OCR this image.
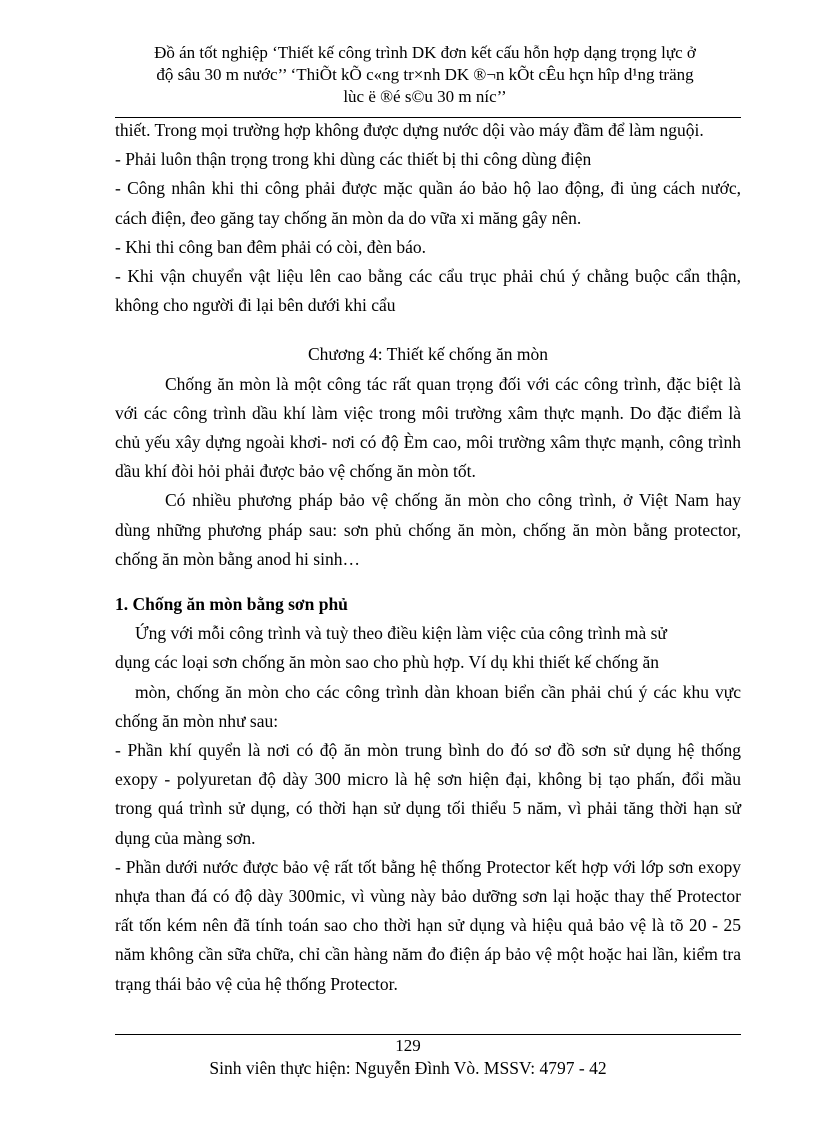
Đồ án tốt nghiệp ‘Thiết kế công trình DK đơn kết cấu hỗn hợp dạng trọng lực ở
độ sâu 30 m nước’’ ‘ThiÕt kÕ c«ng tr×nh DK ®¬n kÕt cÊu hçn hîp d¹ng träng
lùc ë ®é s©u 30 m níc’’

thiết. Trong mọi trường hợp không được dựng nước dội vào máy đầm để làm nguội.

- Phải luôn thận trọng trong khi dùng các thiết bị thi công dùng điện

- Công nhân khi thi công phải được mặc quần áo bảo hộ lao động, đi ủng cách nước, cách điện, đeo găng tay chống ăn mòn da do vữa xi măng gây nên.

- Khi thi công ban đêm phải có còi, đèn báo.

- Khi vận chuyển vật liệu lên cao bằng các cẩu trục phải chú ý chằng buộc cẩn thận, không cho người đi lại bên dưới khi cẩu

Chương 4: Thiết kế chống ăn mòn

Chống ăn mòn là một công tác rất quan trọng đối với các công trình, đặc biệt là với các công trình dầu khí làm việc trong môi trường xâm thực mạnh. Do đặc điểm là chủ yếu xây dựng ngoài khơi- nơi có độ Èm cao, môi trường xâm thực mạnh, công trình dầu khí đòi hỏi phải được bảo vệ chống ăn mòn tốt.

Có nhiều phương pháp bảo vệ chống ăn mòn cho công trình, ở Việt Nam hay dùng những phương pháp sau: sơn phủ chống ăn mòn, chống ăn mòn bằng protector, chống ăn mòn bằng anod hi sinh…

1. Chống ăn mòn bằng sơn phủ

Ứng với mỗi công trình và tuỳ theo điều kiện làm việc của công trình mà sử

dụng các loại sơn chống ăn mòn sao cho phù hợp. Ví dụ khi thiết kế chống ăn

mòn, chống ăn mòn cho các công trình dàn khoan biển cần phải chú ý các khu vực chống ăn mòn như sau:

- Phần khí quyển là nơi có độ ăn mòn trung bình do đó sơ đồ sơn sử dụng hệ thống exopy - polyuretan độ dày 300 micro là hệ sơn hiện đại, không bị tạo phấn, đổi mầu trong quá trình sử dụng, có thời hạn sử dụng tối thiểu 5 năm, vì phải tăng thời hạn sử dụng của màng sơn.

- Phần dưới nước được bảo vệ rất tốt bằng hệ thống Protector kết hợp với lớp sơn exopy nhựa than đá có độ dày 300mic, vì vùng này bảo dưỡng sơn lại hoặc thay thế Protector rất tốn kém nên đã tính toán sao cho thời hạn sử dụng và hiệu quả bảo vệ là tõ 20 - 25 năm không cần sữa chữa, chỉ cần hàng năm đo điện áp bảo vệ một hoặc hai lần, kiểm tra trạng thái bảo vệ của hệ thống Protector.

129
Sinh viên thực hiện: Nguyễn Đình Vò. MSSV: 4797 - 42
